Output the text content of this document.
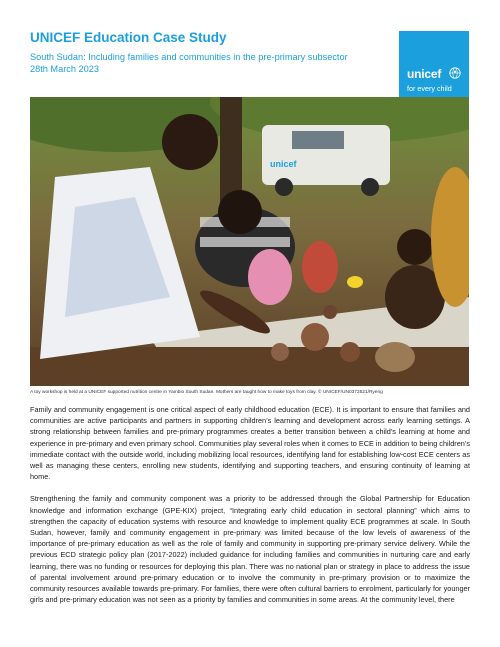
UNICEF Education Case Study
South Sudan: Including families and communities in the pre-primary subsector
28th March 2023	unicef
for every child
unicef
A toy workshop is held at a UNICEF supported nutrition centre in Yambio South Sudan. Mothers are taught how to make toys from clay. © UNICEF/UN0372521/Ryeng

Family and community engagement is one critical aspect of early childhood education (ECE). It is important to ensure that families and communities are active participants and partners in supporting children’s learning and development across early learning settings. A strong relationship between families and pre-primary programmes creates a better transition between a child’s learning at home and experience in pre-primary and even primary school. Communities play several roles when it comes to ECE in addition to being children’s immediate contact with the outside world, including mobilizing local resources, identifying land for establishing low-cost ECE centers as well as managing these centers, enrolling new students, identifying and supporting teachers, and ensuring continuity of learning at home.

Strengthening the family and community component was a priority to be addressed through the Global Partnership for Education knowledge and information exchange (GPE-KIX) project, “Integrating early child education in sectoral planning” which aims to strengthen the capacity of education systems with resource and knowledge to implement quality ECE programmes at scale. In South Sudan, however, family and community engagement in pre-primary was limited because of the low levels of awareness of the importance of pre-primary education as well as the role of family and community in supporting pre-primary service delivery. While the previous ECD strategic policy plan (2017-2022) included guidance for including families and communities in nurturing care and early learning, there was no funding or resources for deploying this plan. There was no national plan or strategy in place to address the issue of parental involvement around pre-primary education or to involve the community in pre-primary provision or to maximize the community resources available towards pre-primary. For families, there were often cultural barriers to enrolment, particularly for younger girls and pre-primary education was not seen as a priority by families and communities in some areas. At the community level, there
